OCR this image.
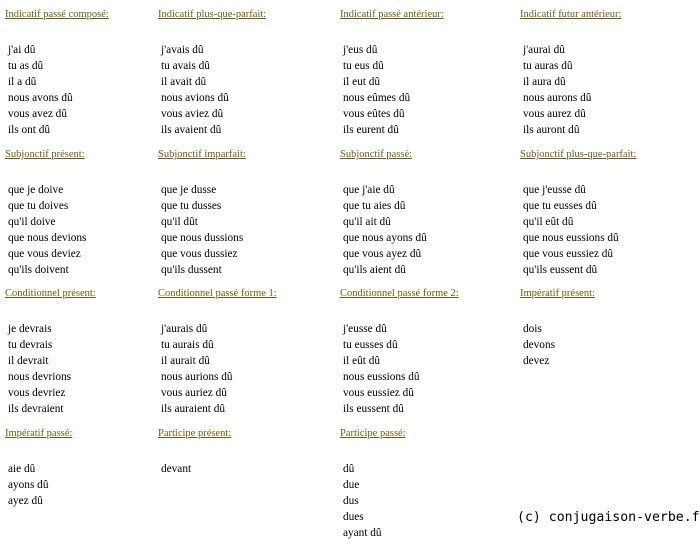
Indicatif passé composé:
j'ai dû
tu as dû
il a dû
nous avons dû
vous avez dû
ils ont dû
Indicatif plus-que-parfait:
j'avais dû
tu avais dû
il avait dû
nous avions dû
vous aviez dû
ils avaient dû
Indicatif passé antérieur:
j'eus dû
tu eus dû
il eut dû
nous eûmes dû
vous eûtes dû
ils eurent dû
Indicatif futur antérieur:
j'aurai dû
tu auras dû
il aura dû
nous aurons dû
vous aurez dû
ils auront dû
Subjonctif présent:
que je doive
que tu doives
qu'il doive
que nous devions
que vous deviez
qu'ils doivent
Subjonctif imparfait:
que je dusse
que tu dusses
qu'il dût
que nous dussions
que vous dussiez
qu'ils dussent
Subjonctif passé:
que j'aie dû
que tu aies dû
qu'il ait dû
que nous ayons dû
que vous ayez dû
qu'ils aient dû
Subjonctif plus-que-parfait:
que j'eusse dû
que tu eusses dû
qu'il eût dû
que nous eussions dû
que vous eussiez dû
qu'ils eussent dû
Conditionnel présent:
je devrais
tu devrais
il devrait
nous devrions
vous devriez
ils devraient
Conditionnel passé forme 1:
j'aurais dû
tu aurais dû
il aurait dû
nous aurions dû
vous auriez dû
ils auraient dû
Conditionnel passé forme 2:
j'eusse dû
tu eusses dû
il eût dû
nous eussions dû
vous eussiez dû
ils eussent dû
Impératif présent:
dois
devons
devez
Impératif passé:
aie dû
ayons dû
ayez dû
Participe présent:
devant
Participe passé:
dû
due
dus
dues
ayant dû
(c) conjugaison-verbe.f
